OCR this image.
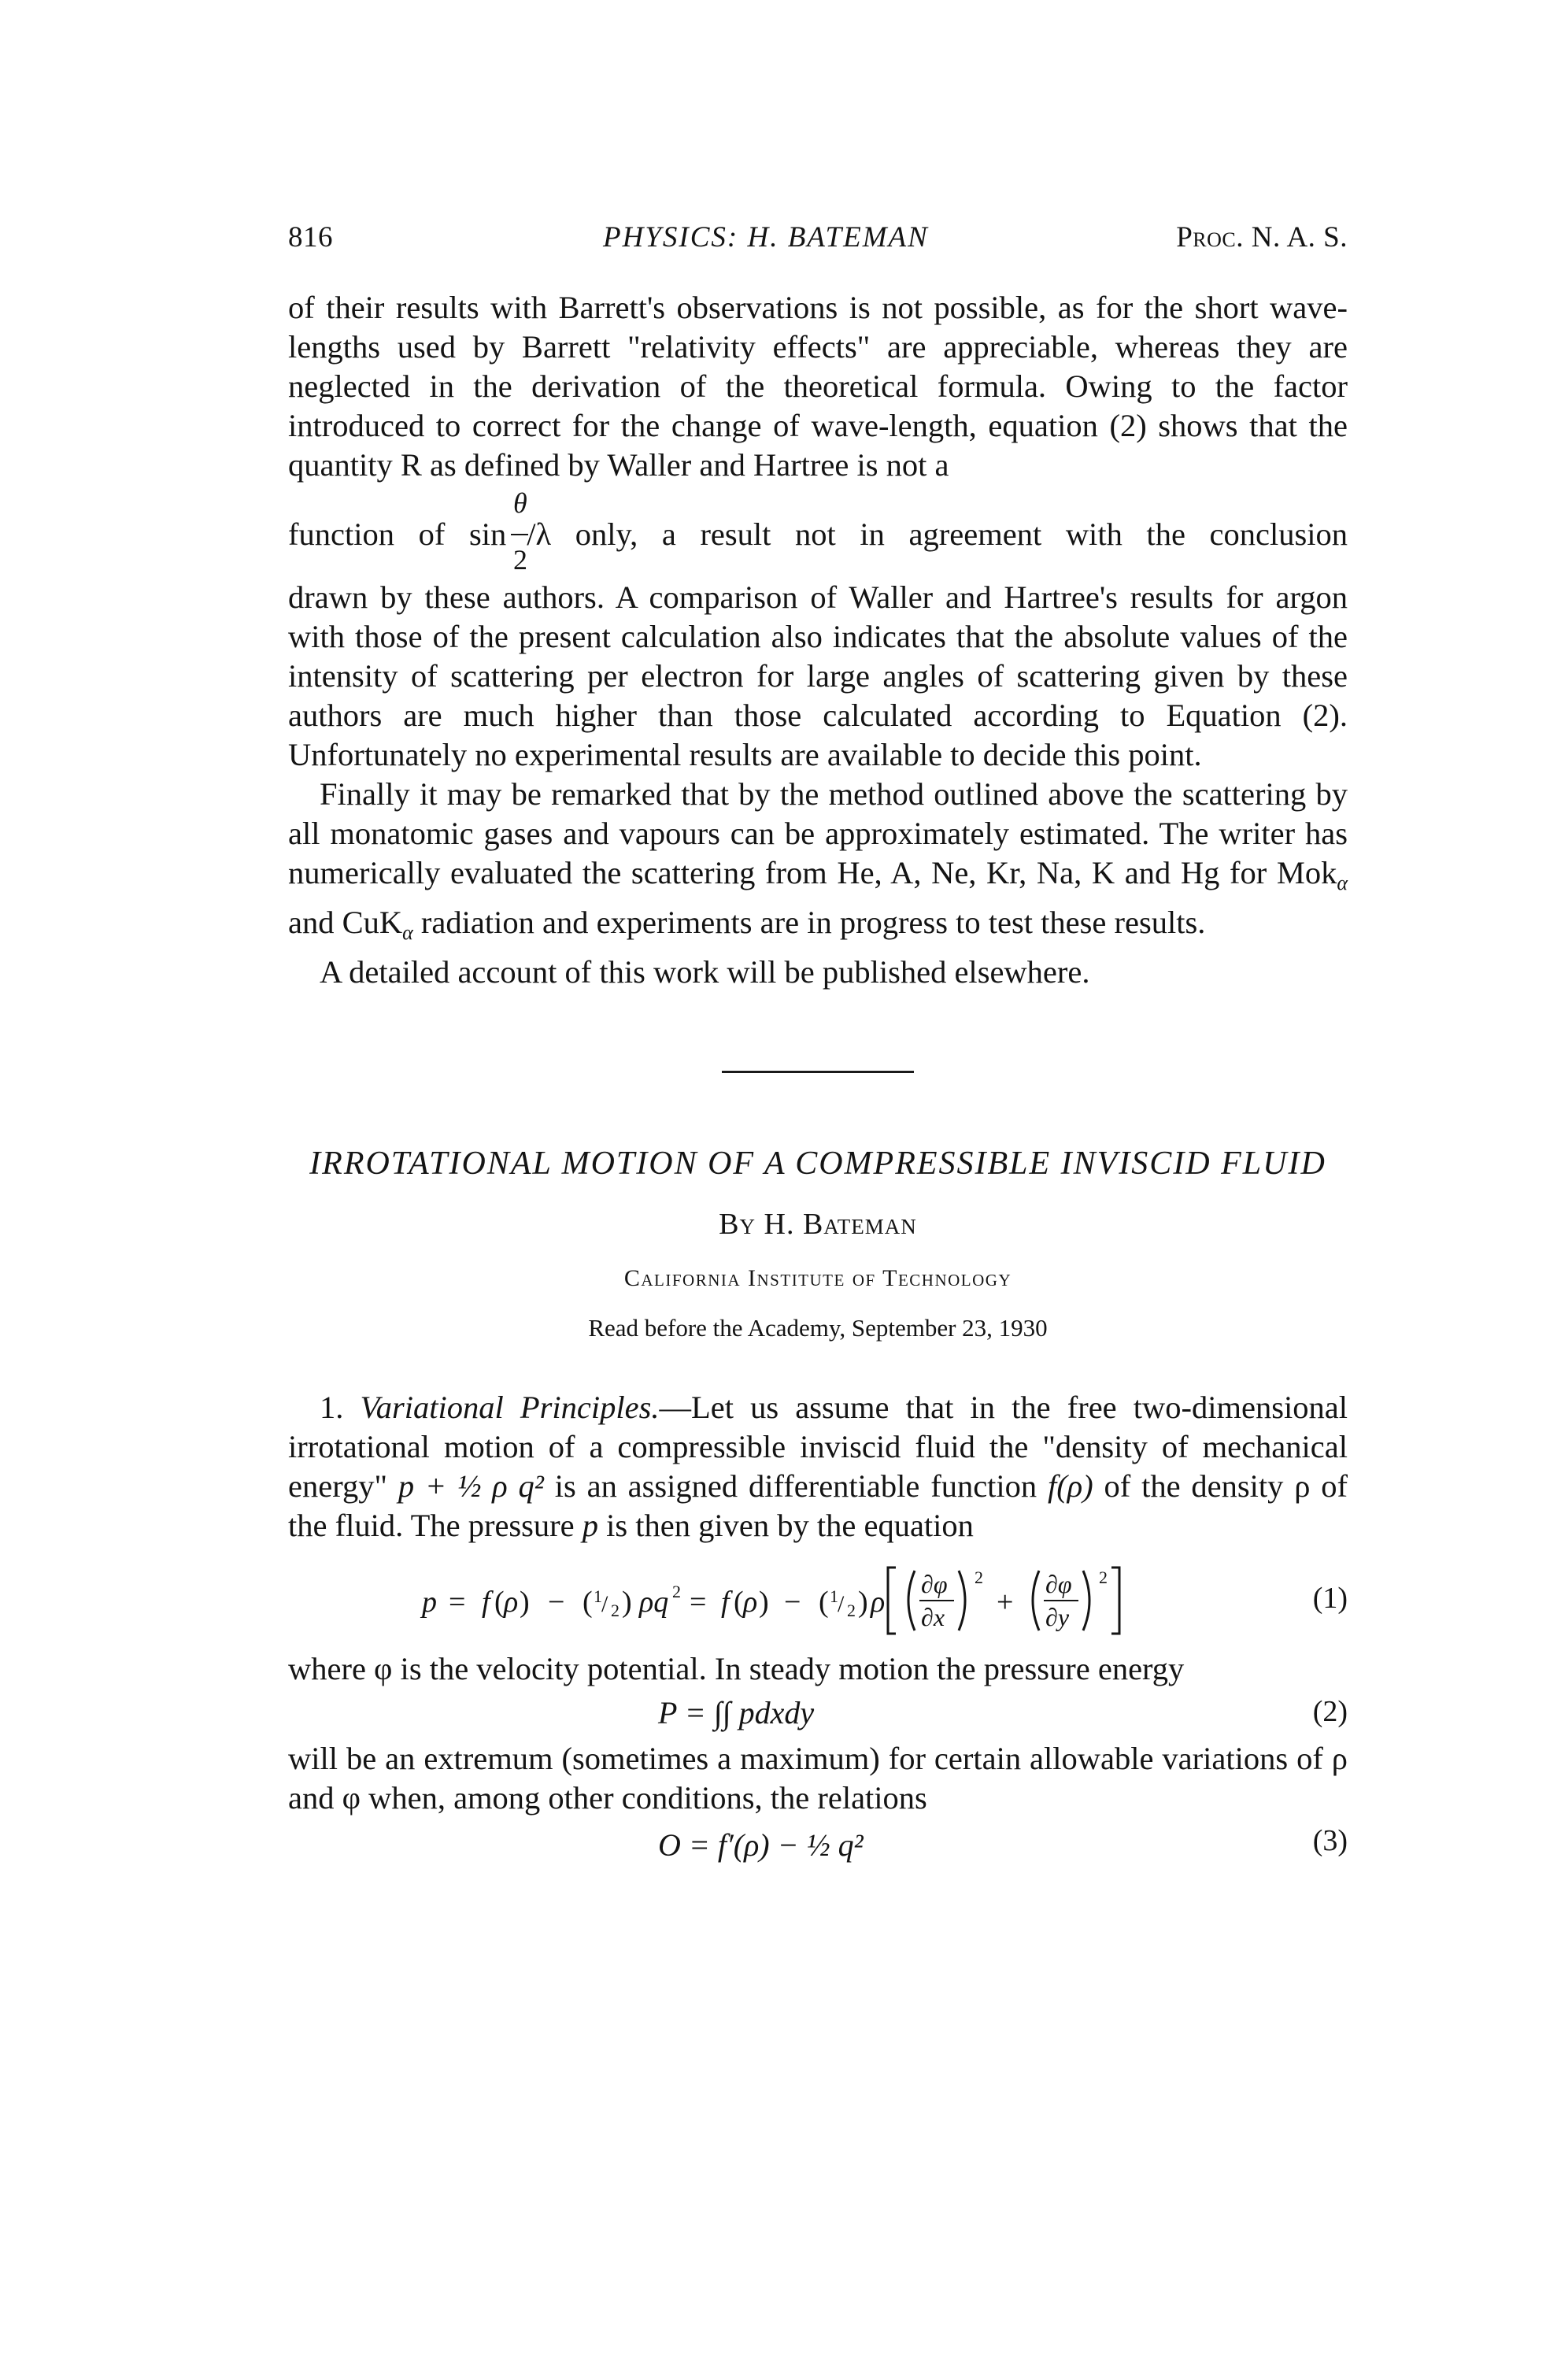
816	PHYSICS: H. BATEMAN	Proc. N. A. S.

of their results with Barrett's observations is not possible, as for the short wave-lengths used by Barrett "relativity effects" are appreciable, whereas they are neglected in the derivation of the theoretical formula. Owing to the factor introduced to correct for the change of wave-length, equation (2) shows that the quantity R as defined by Waller and Hartree is not a

θ
2
function of sin /λ only, a result not in agreement with the conclusion

drawn by these authors. A comparison of Waller and Hartree's results for argon with those of the present calculation also indicates that the absolute values of the intensity of scattering per electron for large angles of scattering given by these authors are much higher than those calculated according to Equation (2). Unfortunately no experimental results are available to decide this point.

Finally it may be remarked that by the method outlined above the scattering by all monatomic gases and vapours can be approximately estimated. The writer has numerically evaluated the scattering from He, A, Ne, Kr, Na, K and Hg for Mok$_\alpha$ and CuK$_\alpha$ radiation and experiments are in progress to test these results.

A detailed account of this work will be published elsewhere.

IRROTATIONAL MOTION OF A COMPRESSIBLE INVISCID FLUID
By H. Bateman
California Institute of Technology
Read before the Academy, September 23, 1930

1. Variational Principles.—Let us assume that in the free two-dimensional irrotational motion of a compressible inviscid fluid the "density of mechanical energy" p + ½ ρ q² is an assigned differentiable function f(ρ) of the density ρ of the fluid. The pressure p is then given by the equation

p = f ( ρ ) − ( 1 / 2 ) ρq 2 = f ( ρ ) − ( 1 / 2 ) ρ
∂φ
∂x
2
+
∂φ
∂y
2
(1)

where φ is the velocity potential. In steady motion the pressure energy

P = ∫∫ pdxdy	(2)

will be an extremum (sometimes a maximum) for certain allowable variations of ρ and φ when, among other conditions, the relations

O = f′(ρ) − ½ q²	(3)
